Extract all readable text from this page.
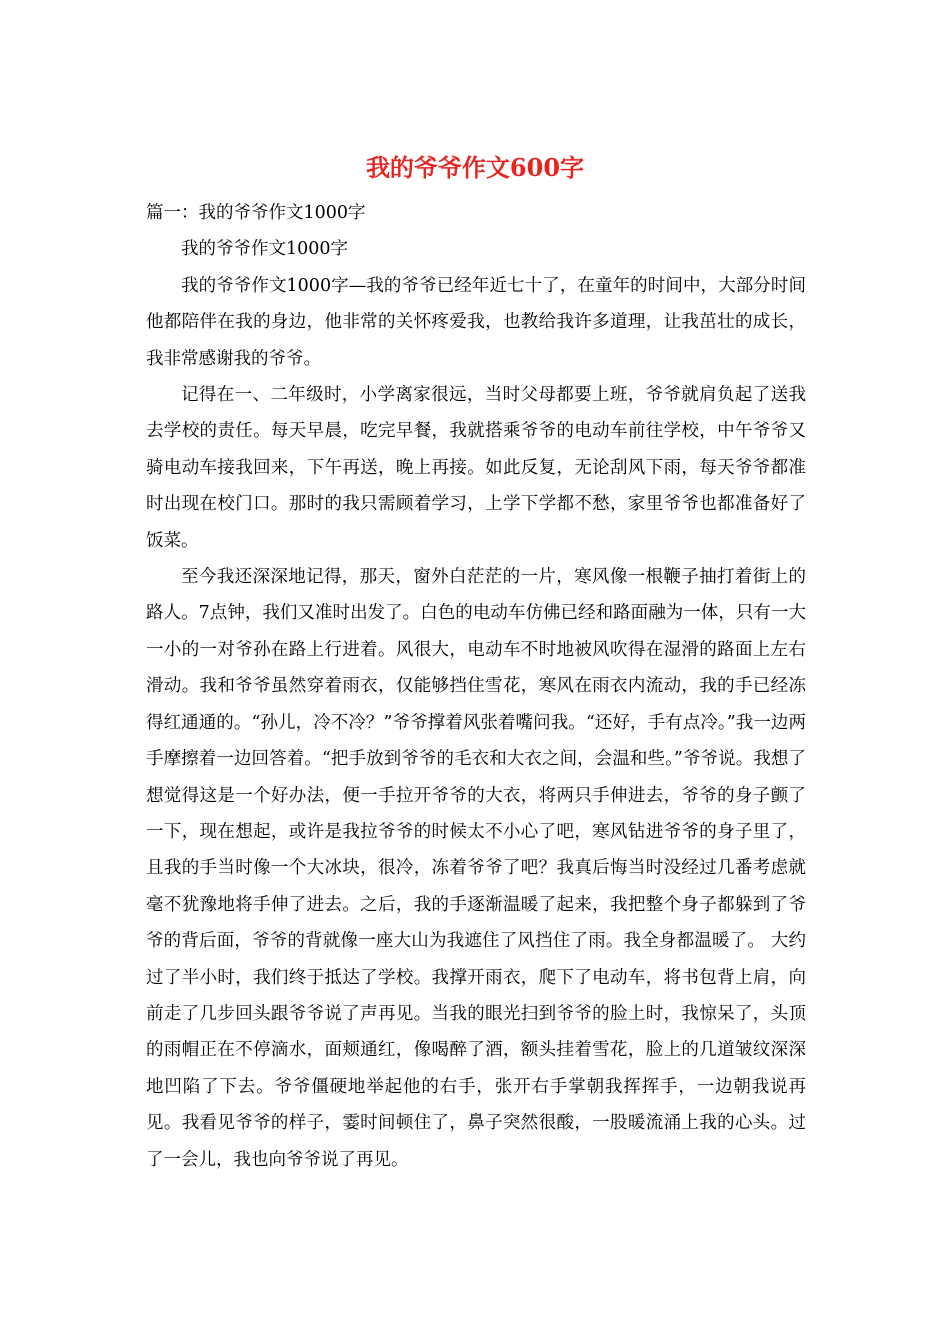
我的爷爷作文600字

篇一：我的爷爷作文1000字

我的爷爷作文1000字

我的爷爷作文1000字—我的爷爷已经年近七十了，在童年的时间中，大部分时间他都陪伴在我的身边，他非常的关怀疼爱我，也教给我许多道理，让我茁壮的成长，我非常感谢我的爷爷。

记得在一、二年级时，小学离家很远，当时父母都要上班，爷爷就肩负起了送我去学校的责任。每天早晨，吃完早餐，我就搭乘爷爷的电动车前往学校，中午爷爷又骑电动车接我回来，下午再送，晚上再接。如此反复，无论刮风下雨，每天爷爷都准时出现在校门口。那时的我只需顾着学习，上学下学都不愁，家里爷爷也都准备好了饭菜。

至今我还深深地记得，那天，窗外白茫茫的一片，寒风像一根鞭子抽打着街上的路人。7点钟，我们又准时出发了。白色的电动车仿佛已经和路面融为一体，只有一大一小的一对爷孙在路上行进着。风很大，电动车不时地被风吹得在湿滑的路面上左右滑动。我和爷爷虽然穿着雨衣，仅能够挡住雪花，寒风在雨衣内流动，我的手已经冻得红通通的。“孙儿，冷不冷？”爷爷撑着风张着嘴问我。“还好，手有点冷。”我一边两手摩擦着一边回答着。“把手放到爷爷的毛衣和大衣之间，会温和些。”爷爷说。我想了想觉得这是一个好办法，便一手拉开爷爷的大衣，将两只手伸进去，爷爷的身子颤了一下，现在想起，或许是我拉爷爷的时候太不小心了吧，寒风钻进爷爷的身子里了，且我的手当时像一个大冰块，很冷，冻着爷爷了吧？我真后悔当时没经过几番考虑就毫不犹豫地将手伸了进去。之后，我的手逐渐温暖了起来，我把整个身子都躲到了爷爷的背后面，爷爷的背就像一座大山为我遮住了风挡住了雨。我全身都温暖了。 大约过了半小时，我们终于抵达了学校。我撑开雨衣，爬下了电动车，将书包背上肩，向前走了几步回头跟爷爷说了声再见。当我的眼光扫到爷爷的脸上时，我惊呆了，头顶的雨帽正在不停滴水，面颊通红，像喝醉了酒，额头挂着雪花，脸上的几道皱纹深深地凹陷了下去。爷爷僵硬地举起他的右手，张开右手掌朝我挥挥手，一边朝我说再见。我看见爷爷的样子，霎时间顿住了，鼻子突然很酸，一股暖流涌上我的心头。过了一会儿，我也向爷爷说了再见。
